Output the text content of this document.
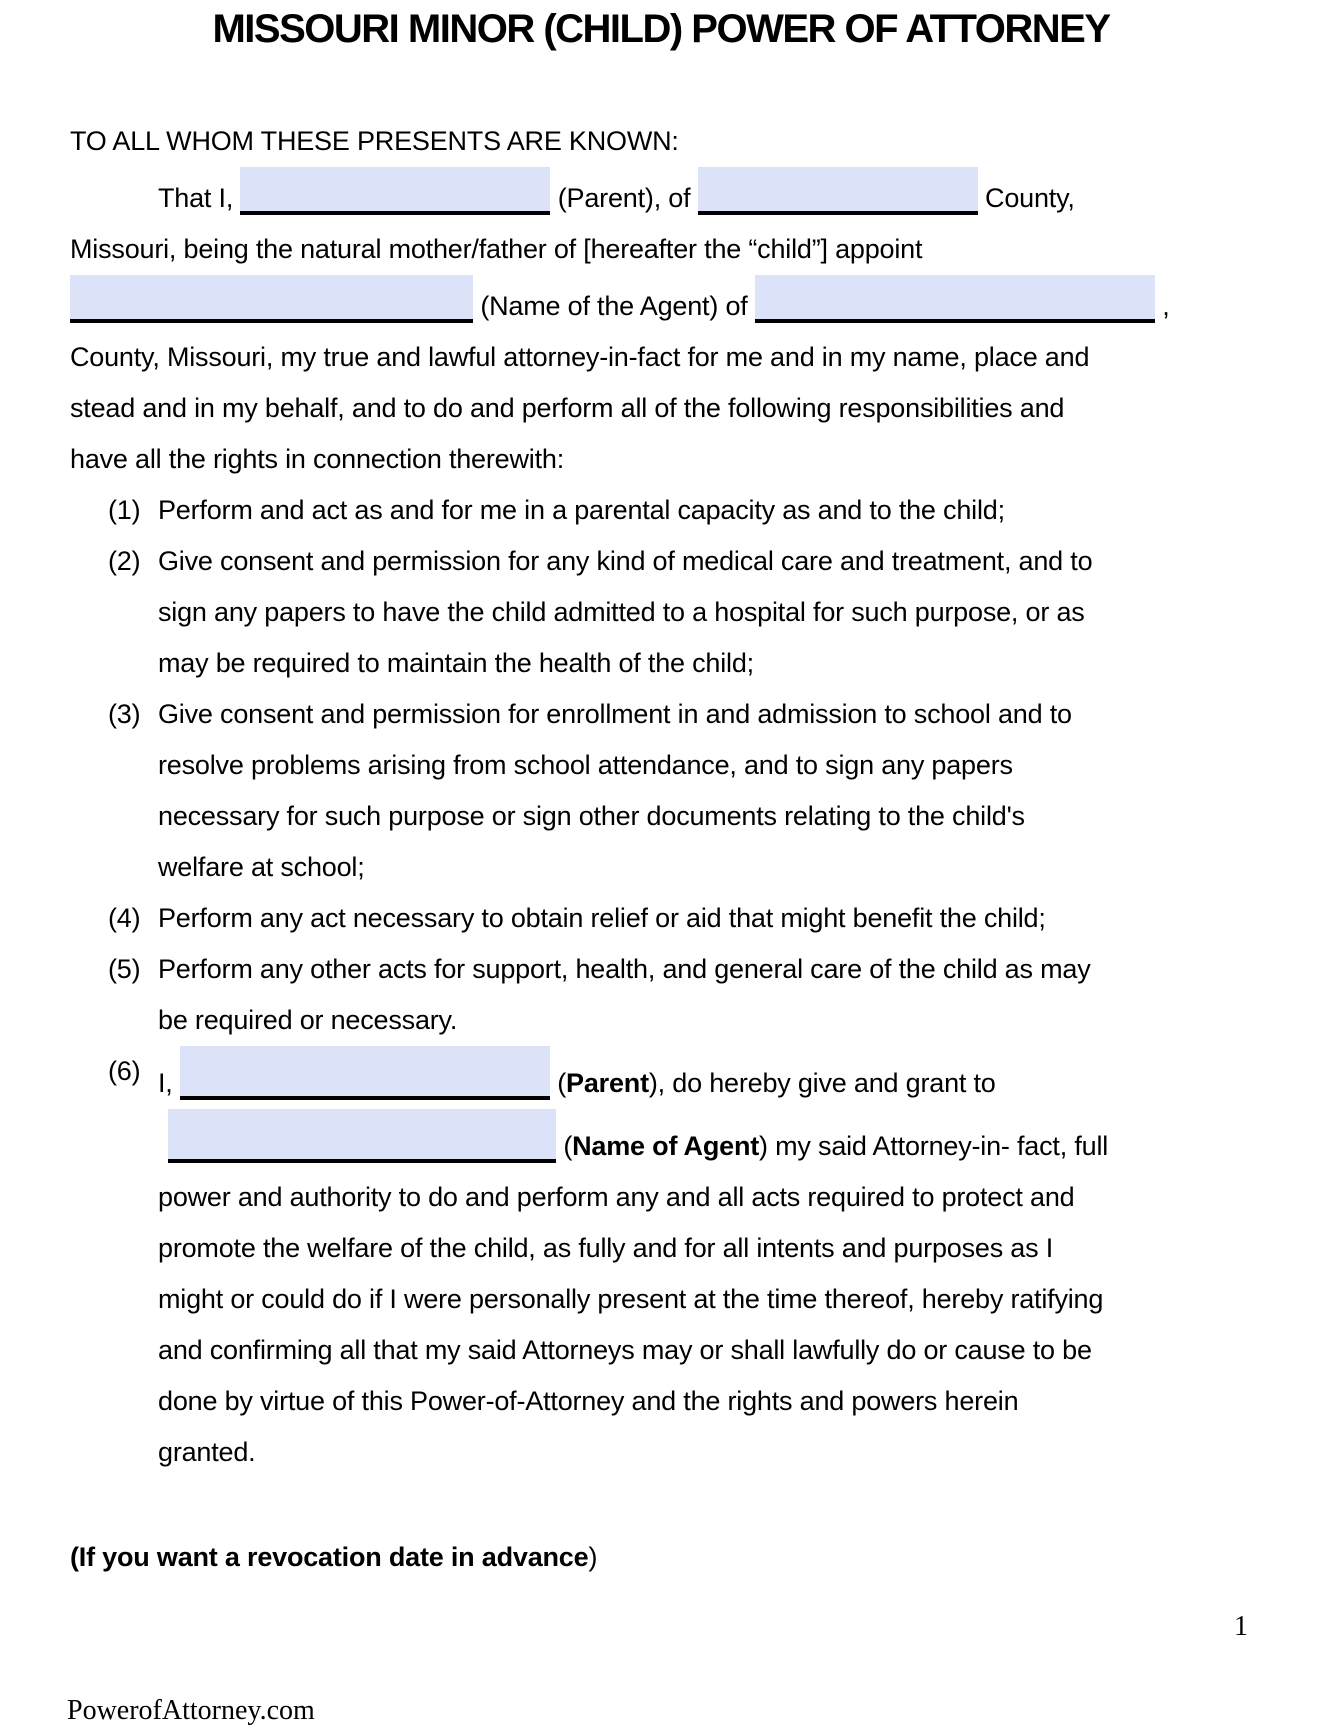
MISSOURI MINOR (CHILD) POWER OF ATTORNEY
TO ALL WHOM THESE PRESENTS ARE KNOWN:
That I,	(Parent), of	County,
Missouri, being the natural mother/father of [hereafter the “child”] appoint
(Name of the Agent) of	,
County, Missouri, my true and lawful attorney-in-fact for me and in my name, place and
stead and in my behalf, and to do and perform all of the following responsibilities and
have all the rights in connection therewith:
(1) Perform and act as and for me in a parental capacity as and to the child;
(2) Give consent and permission for any kind of medical care and treatment, and to
sign any papers to have the child admitted to a hospital for such purpose, or as
may be required to maintain the health of the child;
(3) Give consent and permission for enrollment in and admission to school and to
resolve problems arising from school attendance, and to sign any papers
necessary for such purpose or sign other documents relating to the child's
welfare at school;
(4) Perform any act necessary to obtain relief or aid that might benefit the child;
(5) Perform any other acts for support, health, and general care of the child as may
be required or necessary.
(6) I,	(Parent), do hereby give and grant to
(Name of Agent) my said Attorney-in- fact, full
power and authority to do and perform any and all acts required to protect and
promote the welfare of the child, as fully and for all intents and purposes as I
might or could do if I were personally present at the time thereof, hereby ratifying
and confirming all that my said Attorneys may or shall lawfully do or cause to be
done by virtue of this Power-of-Attorney and the rights and powers herein
granted.
(If you want a revocation date in advance)
1
PowerofAttorney.com
